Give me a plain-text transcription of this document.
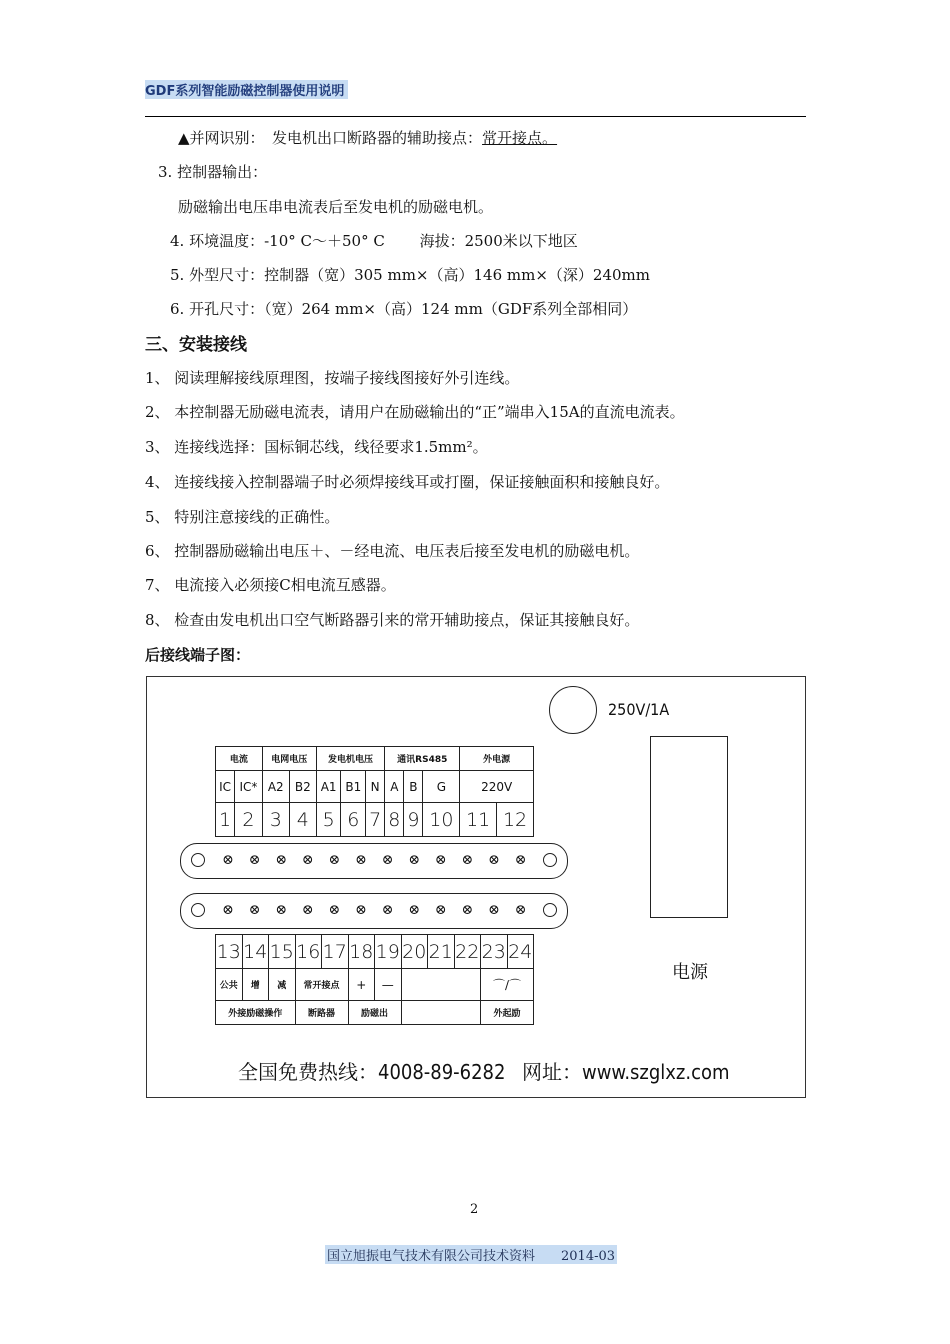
GDF系列智能励磁控制器使用说明
▲并网识别：　发电机出口断路器的辅助接点：常开接点。
3. 控制器输出：
励磁输出电压串电流表后至发电机的励磁电机。
4. 环境温度：-10° C～＋50° C　　 海拔：2500米以下地区
5. 外型尺寸：控制器（宽）305 mm×（高）146 mm×（深）240mm
6. 开孔尺寸：（宽）264 mm×（高）124 mm（GDF系列全部相同）
三、安装接线
1、 阅读理解接线原理图，按端子接线图接好外引连线。
2、 本控制器无励磁电流表，请用户在励磁输出的“正”端串入15A的直流电流表。
3、 连接线选择：国标铜芯线，线径要求1.5mm²。
4、 连接线接入控制器端子时必须焊接线耳或打圈，保证接触面积和接触良好。
5、 特别注意接线的正确性。
6、 控制器励磁输出电压＋、－经电流、电压表后接至发电机的励磁电机。
7、 电流接入必须接C相电流互感器。
8、 检查由发电机出口空气断路器引来的常开辅助接点，保证其接触良好。
后接线端子图：
250V/1A
电源
电流		电网电压		发电机电压			通讯RS485			外电源	
IC	IC*	A2	B2	A1	B1	N	A	B	G	220V	
1	2	3	4	5	6	7	8	9	10	11	12
⊗ ⊗ ⊗ ⊗ ⊗ ⊗ ⊗ ⊗ ⊗ ⊗ ⊗ ⊗
⊗ ⊗ ⊗ ⊗ ⊗ ⊗ ⊗ ⊗ ⊗ ⊗ ⊗ ⊗
13	14	15	16	17	18	19	20	21	22	23	24
公共	增	减	常开接点		+	—				⌒∕⌒	
外接励磁操作			断路器		励磁出					外起励	
全国免费热线：4008-89-6282 网址：www.szglxz.com
2
国立旭振电气技术有限公司技术资料　　2014-03
